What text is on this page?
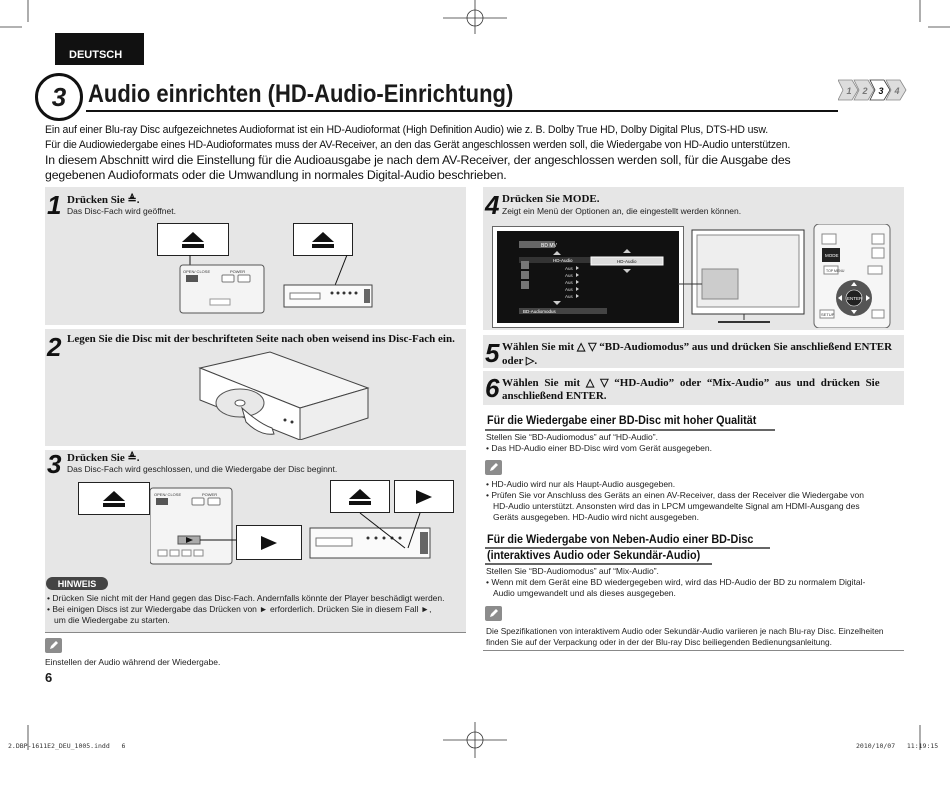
DEUTSCH
3 Audio einrichten (HD-Audio-Einrichtung)	1 2 3 4
Ein auf einer Blu-ray Disc aufgezeichnetes Audioformat ist ein HD-Audioformat (High Definition Audio) wie z. B. Dolby True HD, Dolby Digital Plus, DTS-HD usw.
Für die Audiowiedergabe eines HD-Audioformates muss der AV-Receiver, an den das Gerät angeschlossen werden soll, die Wiedergabe von HD-Audio unterstützen.
In diesem Abschnitt wird die Einstellung für die Audioausgabe je nach dem AV-Receiver, der angeschlossen werden soll, für die Ausgabe des
gegebenen Audioformats oder die Umwandlung in normales Digital-Audio beschrieben.
1 Drücken Sie ≜.
Das Disc-Fach wird geöffnet.
OPEN/ CLOSE	POWER
2 Legen Sie die Disc mit der beschrifteten Seite nach oben weisend ins Disc-Fach ein.
3 Drücken Sie ≜.
Das Disc-Fach wird geschlossen, und die Wiedergabe der Disc beginnt.
OPEN/ CLOSE	POWER
HINWEIS
• Drücken Sie nicht mit der Hand gegen das Disc-Fach. Andernfalls könnte der Player beschädigt werden.
• Bei einigen Discs ist zur Wiedergabe das Drücken von ► erforderlich. Drücken Sie in diesem Fall ►,
um die Wiedergabe zu starten.
Einstellen der Audio während der Wiedergabe.
6
4 Drücken Sie MODE.
Zeigt ein Menü der Optionen an, die eingestellt werden können.
BD MV
HD-Audio
Aus
Aus
Aus
Aus
Aus
BD-Audiomodus
HD-Audio
MODE
TOP MENU
ENTER
SETUP
5 Wählen Sie mit △ ▽ “BD-Audiomodus” aus und drücken Sie anschließend ENTER
oder ▷.
6 Wählen Sie mit △ ▽ “HD-Audio” oder “Mix-Audio” aus und drücken Sie
anschließend ENTER.
Für die Wiedergabe einer BD-Disc mit hoher Qualität
Stellen Sie “BD-Audiomodus” auf “HD-Audio”.
• Das HD-Audio einer BD-Disc wird vom Gerät ausgegeben.
• HD-Audio wird nur als Haupt-Audio ausgegeben.
• Prüfen Sie vor Anschluss des Geräts an einen AV-Receiver, dass der Receiver die Wiedergabe von
HD-Audio unterstützt. Ansonsten wird das in LPCM umgewandelte Signal am HDMI-Ausgang des
Geräts ausgegeben. HD-Audio wird nicht ausgegeben.
Für die Wiedergabe von Neben-Audio einer BD-Disc
(interaktives Audio oder Sekundär-Audio)
Stellen Sie “BD-Audiomodus” auf “Mix-Audio”.
• Wenn mit dem Gerät eine BD wiedergegeben wird, wird das HD-Audio der BD zu normalem Digital-
Audio umgewandelt und als dieses ausgegeben.
Die Spezifikationen von interaktivem Audio oder Sekundär-Audio variieren je nach Blu-ray Disc. Einzelheiten
finden Sie auf der Verpackung oder in der der Blu-ray Disc beiliegenden Bedienungsanleitung.
2.DBP-1611E2_DEU_1005.indd   6	2010/10/07   11:19:15
